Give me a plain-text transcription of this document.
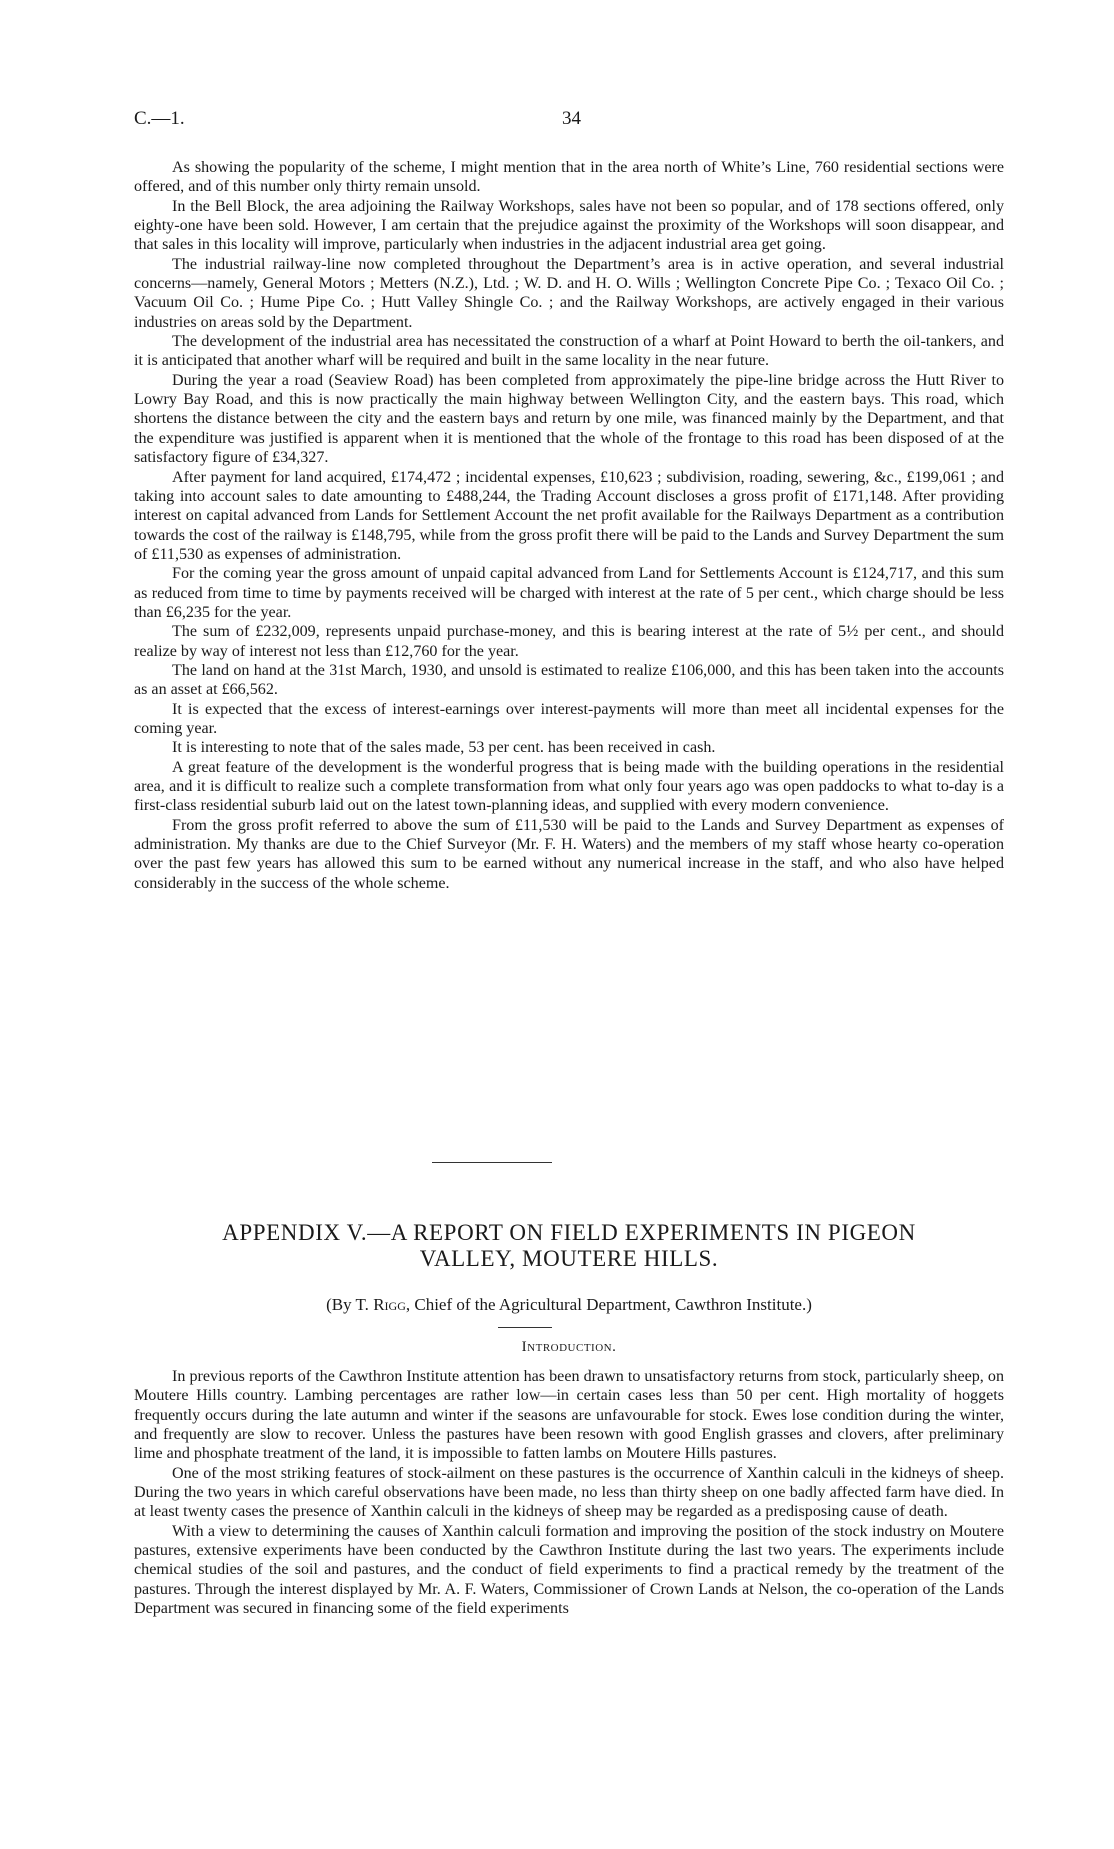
C.—1.	34

As showing the popularity of the scheme, I might mention that in the area north of White’s Line, 760 residential sections were offered, and of this number only thirty remain unsold.

In the Bell Block, the area adjoining the Railway Workshops, sales have not been so popular, and of 178 sections offered, only eighty-one have been sold. However, I am certain that the prejudice against the proximity of the Workshops will soon disappear, and that sales in this locality will improve, particularly when industries in the adjacent industrial area get going.

The industrial railway-line now completed throughout the Department’s area is in active operation, and several industrial concerns—namely, General Motors ; Metters (N.Z.), Ltd. ; W. D. and H. O. Wills ; Wellington Concrete Pipe Co. ; Texaco Oil Co. ; Vacuum Oil Co. ; Hume Pipe Co. ; Hutt Valley Shingle Co. ; and the Railway Workshops, are actively engaged in their various industries on areas sold by the Department.

The development of the industrial area has necessitated the construction of a wharf at Point Howard to berth the oil-tankers, and it is anticipated that another wharf will be required and built in the same locality in the near future.

During the year a road (Seaview Road) has been completed from approximately the pipe-line bridge across the Hutt River to Lowry Bay Road, and this is now practically the main highway between Wellington City, and the eastern bays. This road, which shortens the distance between the city and the eastern bays and return by one mile, was financed mainly by the Department, and that the expenditure was justified is apparent when it is mentioned that the whole of the frontage to this road has been disposed of at the satisfactory figure of £34,327.

After payment for land acquired, £174,472 ; incidental expenses, £10,623 ; subdivision, roading, sewering, &c., £199,061 ; and taking into account sales to date amounting to £488,244, the Trading Account discloses a gross profit of £171,148. After providing interest on capital advanced from Lands for Settlement Account the net profit available for the Railways Department as a contribution towards the cost of the railway is £148,795, while from the gross profit there will be paid to the Lands and Survey Department the sum of £11,530 as expenses of administration.

For the coming year the gross amount of unpaid capital advanced from Land for Settlements Account is £124,717, and this sum as reduced from time to time by payments received will be charged with interest at the rate of 5 per cent., which charge should be less than £6,235 for the year.

The sum of £232,009, represents unpaid purchase-money, and this is bearing interest at the rate of 5½ per cent., and should realize by way of interest not less than £12,760 for the year.

The land on hand at the 31st March, 1930, and unsold is estimated to realize £106,000, and this has been taken into the accounts as an asset at £66,562.

It is expected that the excess of interest-earnings over interest-payments will more than meet all incidental expenses for the coming year.

It is interesting to note that of the sales made, 53 per cent. has been received in cash.

A great feature of the development is the wonderful progress that is being made with the building operations in the residential area, and it is difficult to realize such a complete transformation from what only four years ago was open paddocks to what to-day is a first-class residential suburb laid out on the latest town-planning ideas, and supplied with every modern convenience.

From the gross profit referred to above the sum of £11,530 will be paid to the Lands and Survey Department as expenses of administration. My thanks are due to the Chief Surveyor (Mr. F. H. Waters) and the members of my staff whose hearty co-operation over the past few years has allowed this sum to be earned without any numerical increase in the staff, and who also have helped considerably in the success of the whole scheme.

APPENDIX V.—A REPORT ON FIELD EXPERIMENTS IN PIGEON
VALLEY, MOUTERE HILLS.
(By T. Rigg, Chief of the Agricultural Department, Cawthron Institute.)
Introduction.

In previous reports of the Cawthron Institute attention has been drawn to unsatisfactory returns from stock, particularly sheep, on Moutere Hills country. Lambing percentages are rather low—in certain cases less than 50 per cent. High mortality of hoggets frequently occurs during the late autumn and winter if the seasons are unfavourable for stock. Ewes lose condition during the winter, and frequently are slow to recover. Unless the pastures have been resown with good English grasses and clovers, after preliminary lime and phosphate treatment of the land, it is impossible to fatten lambs on Moutere Hills pastures.

One of the most striking features of stock-ailment on these pastures is the occurrence of Xanthin calculi in the kidneys of sheep. During the two years in which careful observations have been made, no less than thirty sheep on one badly affected farm have died. In at least twenty cases the presence of Xanthin calculi in the kidneys of sheep may be regarded as a predisposing cause of death.

With a view to determining the causes of Xanthin calculi formation and improving the position of the stock industry on Moutere pastures, extensive experiments have been conducted by the Cawthron Institute during the last two years. The experiments include chemical studies of the soil and pastures, and the conduct of field experiments to find a practical remedy by the treatment of the pastures. Through the interest displayed by Mr. A. F. Waters, Commissioner of Crown Lands at Nelson, the co-operation of the Lands Department was secured in financing some of the field experiments
